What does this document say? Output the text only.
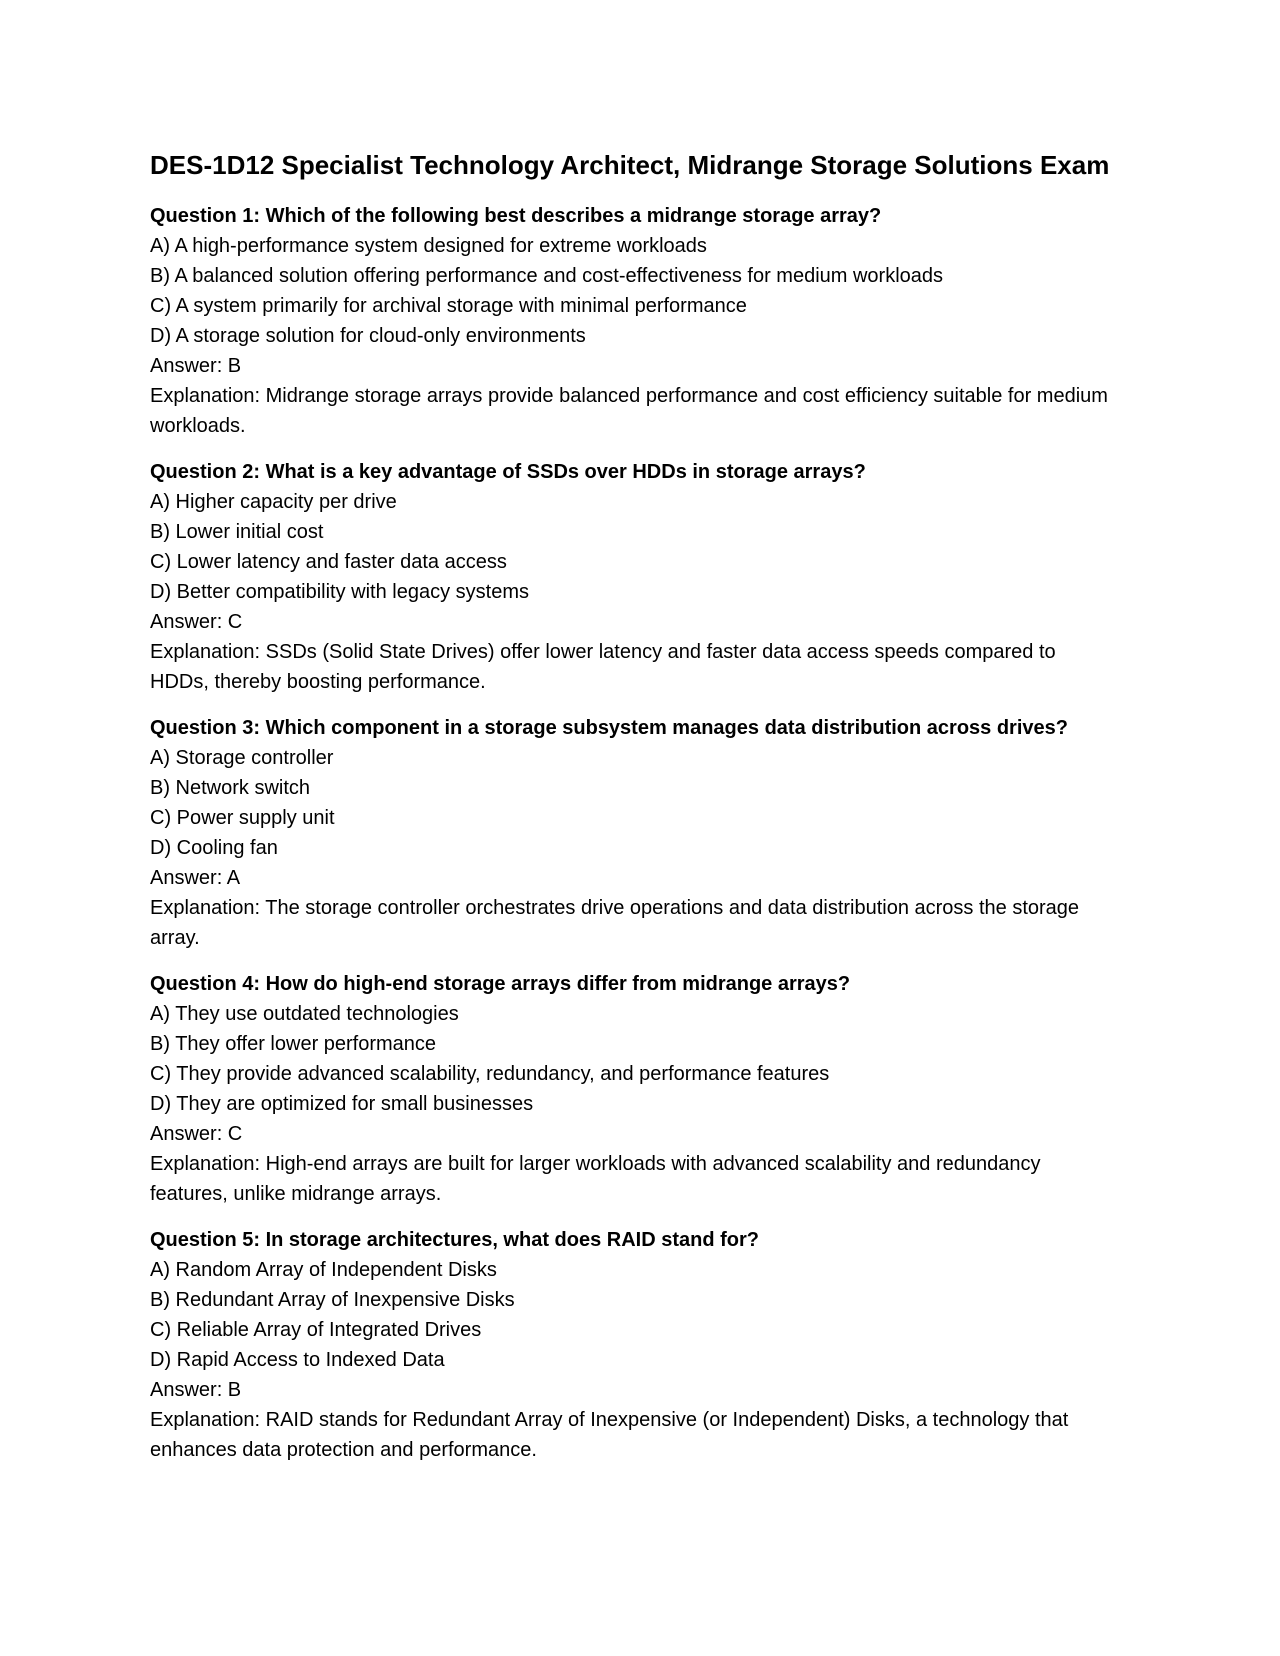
DES-1D12 Specialist Technology Architect, Midrange Storage Solutions Exam
Question 1: Which of the following best describes a midrange storage array?
A) A high-performance system designed for extreme workloads
B) A balanced solution offering performance and cost-effectiveness for medium workloads
C) A system primarily for archival storage with minimal performance
D) A storage solution for cloud-only environments
Answer: B
Explanation: Midrange storage arrays provide balanced performance and cost efficiency suitable for medium workloads.
Question 2: What is a key advantage of SSDs over HDDs in storage arrays?
A) Higher capacity per drive
B) Lower initial cost
C) Lower latency and faster data access
D) Better compatibility with legacy systems
Answer: C
Explanation: SSDs (Solid State Drives) offer lower latency and faster data access speeds compared to HDDs, thereby boosting performance.
Question 3: Which component in a storage subsystem manages data distribution across drives?
A) Storage controller
B) Network switch
C) Power supply unit
D) Cooling fan
Answer: A
Explanation: The storage controller orchestrates drive operations and data distribution across the storage array.
Question 4: How do high-end storage arrays differ from midrange arrays?
A) They use outdated technologies
B) They offer lower performance
C) They provide advanced scalability, redundancy, and performance features
D) They are optimized for small businesses
Answer: C
Explanation: High-end arrays are built for larger workloads with advanced scalability and redundancy features, unlike midrange arrays.
Question 5: In storage architectures, what does RAID stand for?
A) Random Array of Independent Disks
B) Redundant Array of Inexpensive Disks
C) Reliable Array of Integrated Drives
D) Rapid Access to Indexed Data
Answer: B
Explanation: RAID stands for Redundant Array of Inexpensive (or Independent) Disks, a technology that enhances data protection and performance.
